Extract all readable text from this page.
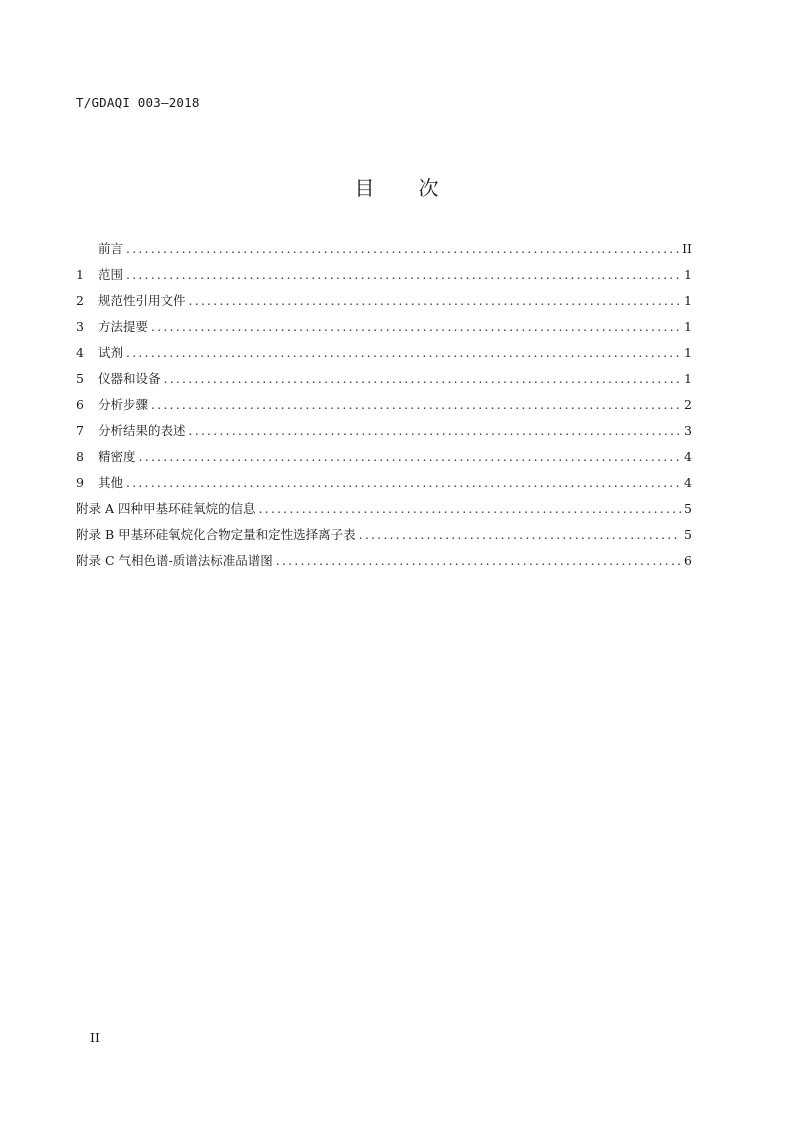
T/GDAQI 003—2018
目次
前言 .....	II
1	范围 .....	1
2	规范性引用文件 .....	1
3	方法提要 .....	1
4	试剂 .....	1
5	仪器和设备 .....	1
6	分析步骤 .....	2
7	分析结果的表述 .....	3
8	精密度 .....	4
9	其他 .....	4
附录 A 四种甲基环硅氧烷的信息 .....	5
附录 B 甲基环硅氧烷化合物定量和定性选择离子表 .....	5
附录 C 气相色谱-质谱法标准品谱图 .....	6
II
